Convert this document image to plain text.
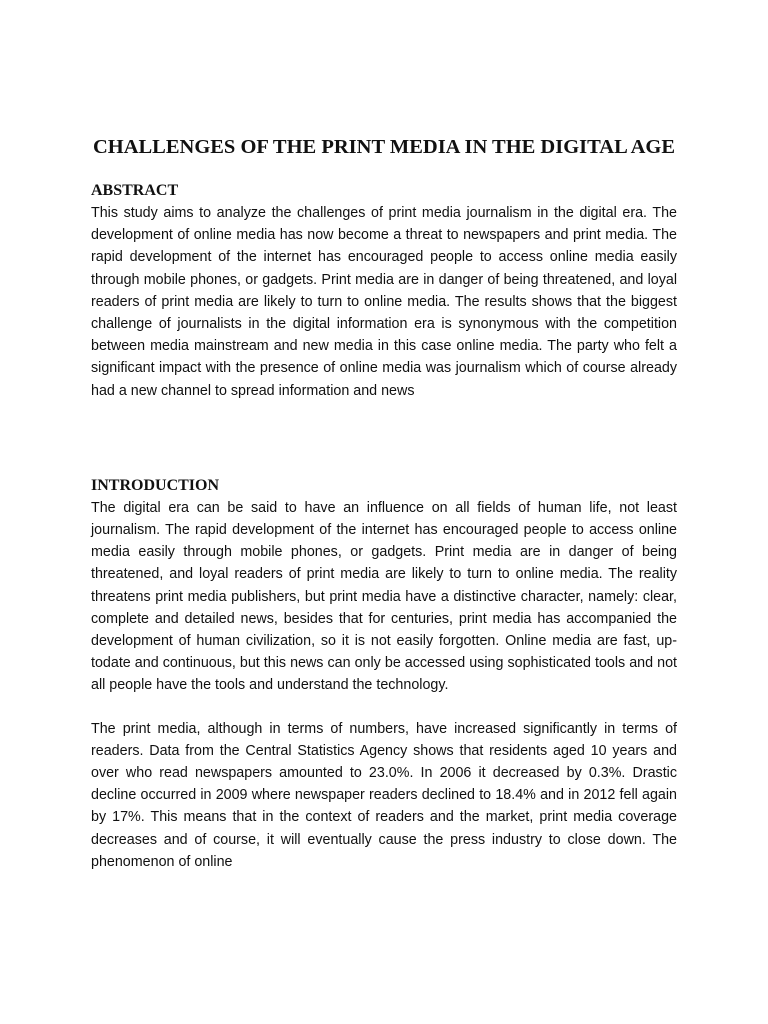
CHALLENGES OF THE PRINT MEDIA IN THE DIGITAL AGE
ABSTRACT

This study aims to analyze the challenges of print media journalism in the digital era. The development of online media has now become a threat to newspapers and print media. The rapid development of the internet has encouraged people to access online media easily through mobile phones, or gadgets. Print media are in danger of being threatened, and loyal readers of print media are likely to turn to online media. The results shows that the biggest challenge of journalists in the digital information era is synonymous with the competition between media mainstream and new media in this case online media. The party who felt a significant impact with the presence of online media was journalism which of course already had a new channel to spread information and news

INTRODUCTION

The digital era can be said to have an influence on all fields of human life, not least journalism. The rapid development of the internet has encouraged people to access online media easily through mobile phones, or gadgets. Print media are in danger of being threatened, and loyal readers of print media are likely to turn to online media. The reality threatens print media publishers, but print media have a distinctive character, namely: clear, complete and detailed news, besides that for centuries, print media has accompanied the development of human civilization, so it is not easily forgotten. Online media are fast, up-todate and continuous, but this news can only be accessed using sophisticated tools and not all people have the tools and understand the technology.

The print media, although in terms of numbers, have increased significantly in terms of readers. Data from the Central Statistics Agency shows that residents aged 10 years and over who read newspapers amounted to 23.0%. In 2006 it decreased by 0.3%. Drastic decline occurred in 2009 where newspaper readers declined to 18.4% and in 2012 fell again by 17%. This means that in the context of readers and the market, print media coverage decreases and of course, it will eventually cause the press industry to close down. The phenomenon of online
